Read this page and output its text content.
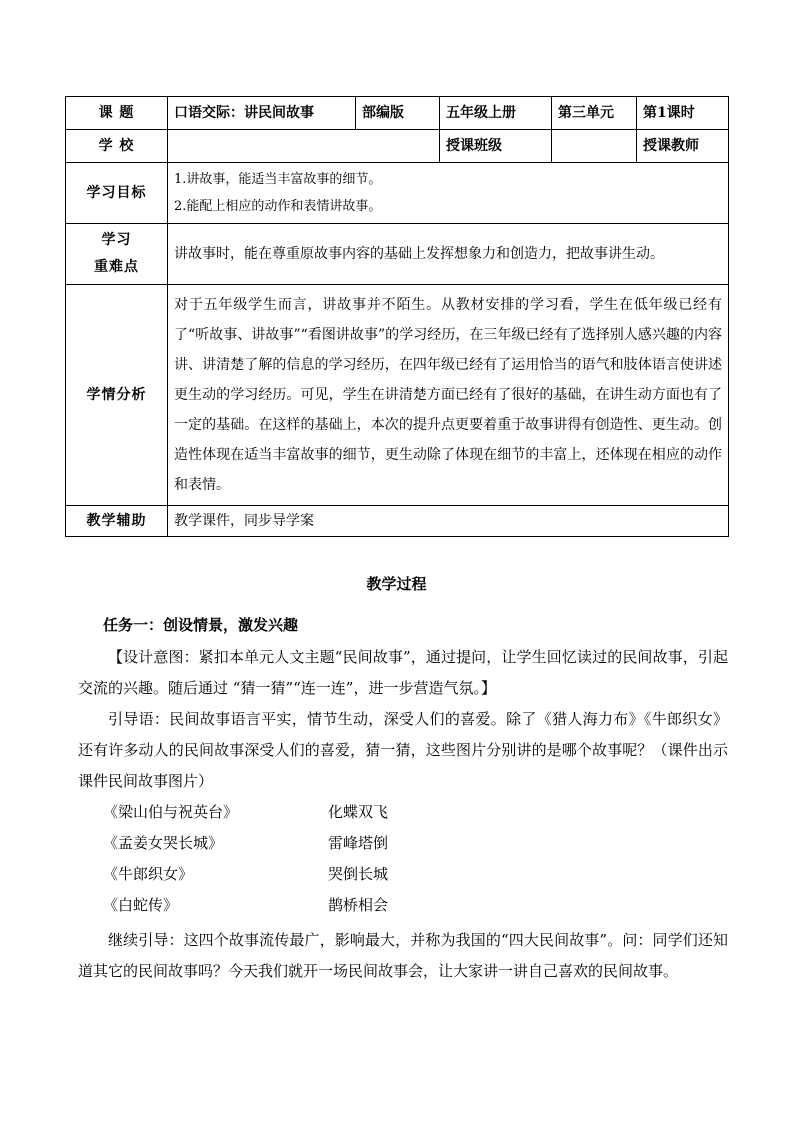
课 题	口语交际：讲民间故事	部编版	五年级上册	第三单元	第1课时
学 校			授课班级		授课教师
学习目标	1.讲故事，能适当丰富故事的细节。
2.能配上相应的动作和表情讲故事。				

学习
重难点	讲故事时，能在尊重原故事内容的基础上发挥想象力和创造力，把故事讲生动。				
学情分析	对于五年级学生而言，讲故事并不陌生。从教材安排的学习看，学生在低年级已经有了“听故事、讲故事”“看图讲故事”的学习经历，在三年级已经有了选择别人感兴趣的内容讲、讲清楚了解的信息的学习经历，在四年级已经有了运用恰当的语气和肢体语言使讲述更生动的学习经历。可见，学生在讲清楚方面已经有了很好的基础，在讲生动方面也有了一定的基础。在这样的基础上，本次的提升点更要着重于故事讲得有创造性、更生动。创造性体现在适当丰富故事的细节，更生动除了体现在细节的丰富上，还体现在相应的动作和表情。				
教学辅助	教学课件，同步导学案				
教学过程
任务一：创设情景，激发兴趣

【设计意图：紧扣本单元人文主题“民间故事”，通过提问，让学生回忆读过的民间故事，引起交流的兴趣。随后通过 “猜一猜”“连一连”，进一步营造气氛。】

引导语：民间故事语言平实，情节生动，深受人们的喜爱。除了《猎人海力布》《牛郎织女》还有许多动人的民间故事深受人们的喜爱，猜一猜，这些图片分别讲的是哪个故事呢？（课件出示课件民间故事图片）

《梁山伯与祝英台》	化蝶双飞
《孟姜女哭长城》	雷峰塔倒
《牛郎织女》	哭倒长城
《白蛇传》	鹊桥相会

继续引导：这四个故事流传最广，影响最大，并称为我国的“四大民间故事”。问：同学们还知道其它的民间故事吗？今天我们就开一场民间故事会，让大家讲一讲自己喜欢的民间故事。
